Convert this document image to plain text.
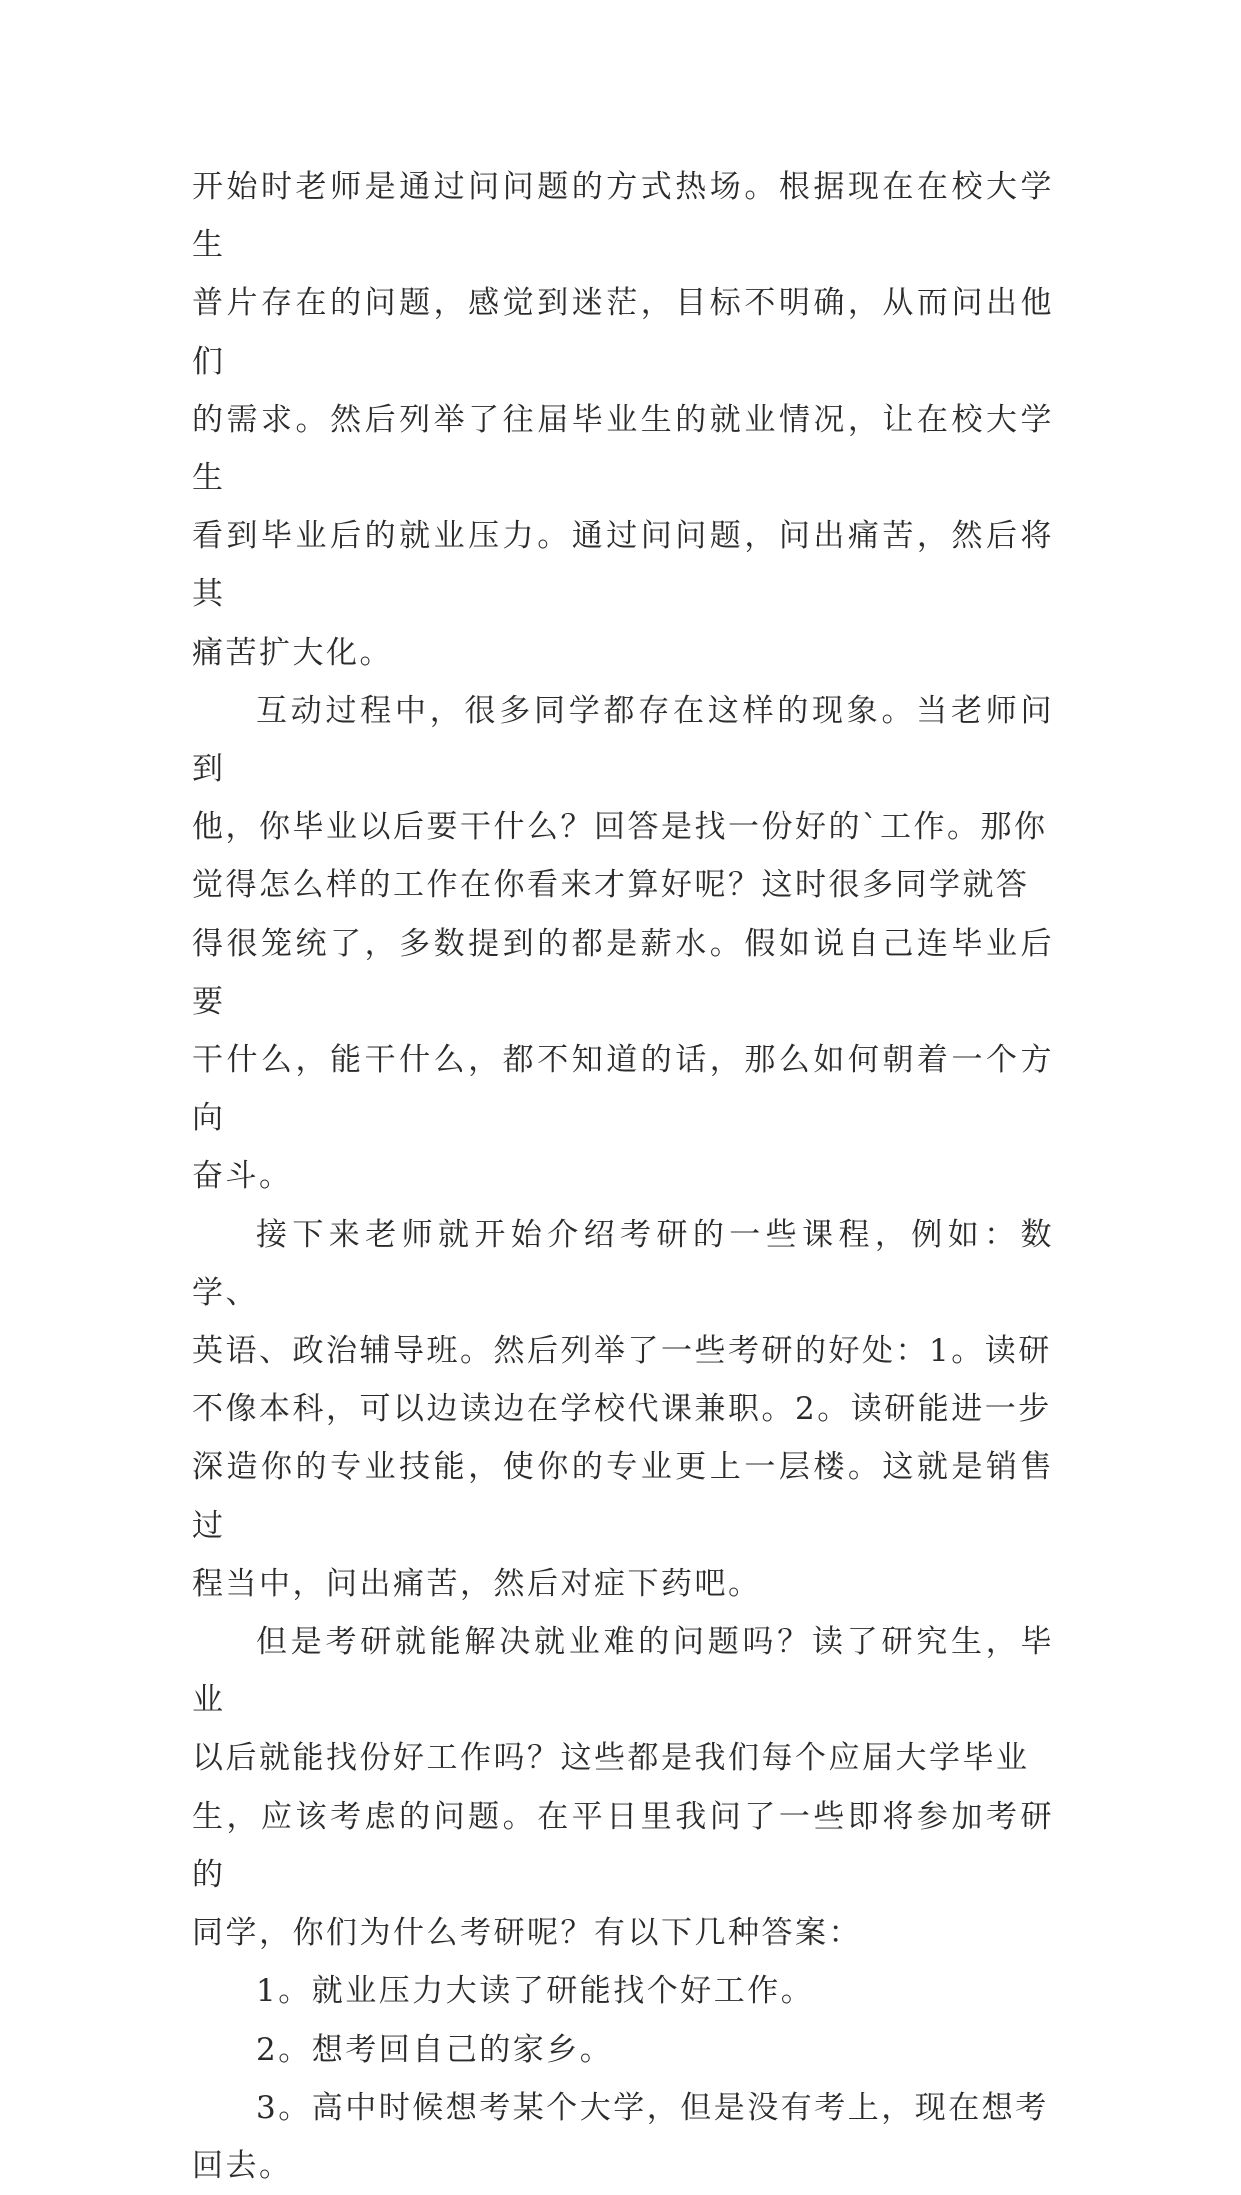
开始时老师是通过问问题的方式热场。根据现在在校大学生
普片存在的问题，感觉到迷茫，目标不明确，从而问出他们
的需求。然后列举了往届毕业生的就业情况，让在校大学生
看到毕业后的就业压力。通过问问题，问出痛苦，然后将其
痛苦扩大化。
互动过程中，很多同学都存在这样的现象。当老师问到
他，你毕业以后要干什么？回答是找一份好的`工作。那你
觉得怎么样的工作在你看来才算好呢？这时很多同学就答
得很笼统了，多数提到的都是薪水。假如说自己连毕业后要
干什么，能干什么，都不知道的话，那么如何朝着一个方向
奋斗。
接下来老师就开始介绍考研的一些课程，例如：数学、
英语、政治辅导班。然后列举了一些考研的好处：1。读研
不像本科，可以边读边在学校代课兼职。2。读研能进一步
深造你的专业技能，使你的专业更上一层楼。这就是销售过
程当中，问出痛苦，然后对症下药吧。
但是考研就能解决就业难的问题吗？读了研究生，毕业
以后就能找份好工作吗？这些都是我们每个应届大学毕业
生，应该考虑的问题。在平日里我问了一些即将参加考研的
同学，你们为什么考研呢？有以下几种答案：
1。就业压力大读了研能找个好工作。
2。想考回自己的家乡。
3。高中时候想考某个大学，但是没有考上，现在想考
回去。
